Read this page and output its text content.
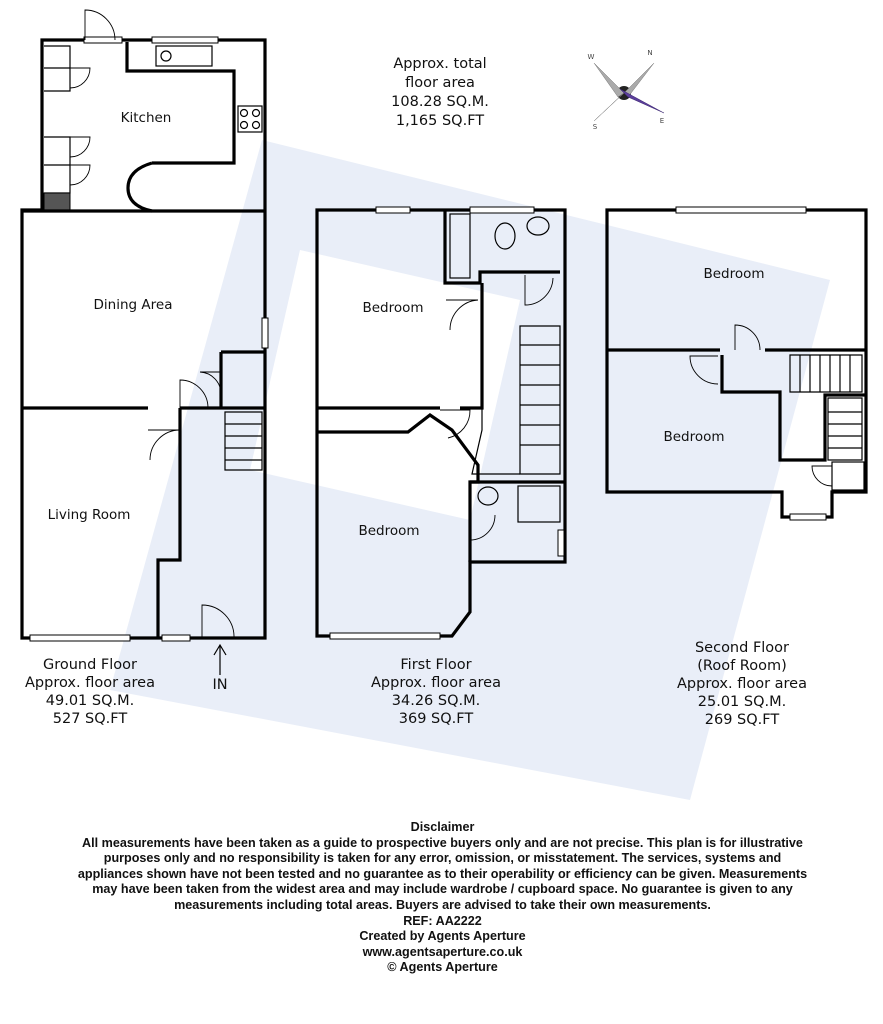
Kitchen
Dining Area
Living Room
Bedroom
Bedroom
Bedroom
Bedroom
N
W
S
E
Approx. total
floor area
108.28 SQ.M.
1,165 SQ.FT
IN
Ground Floor
Approx. floor area
49.01 SQ.M.
527 SQ.FT
First Floor
Approx. floor area
34.26 SQ.M.
369 SQ.FT
Second Floor
(Roof Room)
Approx. floor area
25.01 SQ.M.
269 SQ.FT
Disclaimer
All measurements have been taken as a guide to prospective buyers only and are not precise. This plan is for illustrative purposes only and no responsibility is taken for any error, omission, or misstatement. The services, systems and appliances shown have not been tested and no guarantee as to their operability or efficiency can be given. Measurements may have been taken from the widest area and may include wardrobe / cupboard space. No guarantee is given to any measurements including total areas. Buyers are advised to take their own measurements.
REF: AA2222
Created by Agents Aperture
www.agentsaperture.co.uk
© Agents Aperture
